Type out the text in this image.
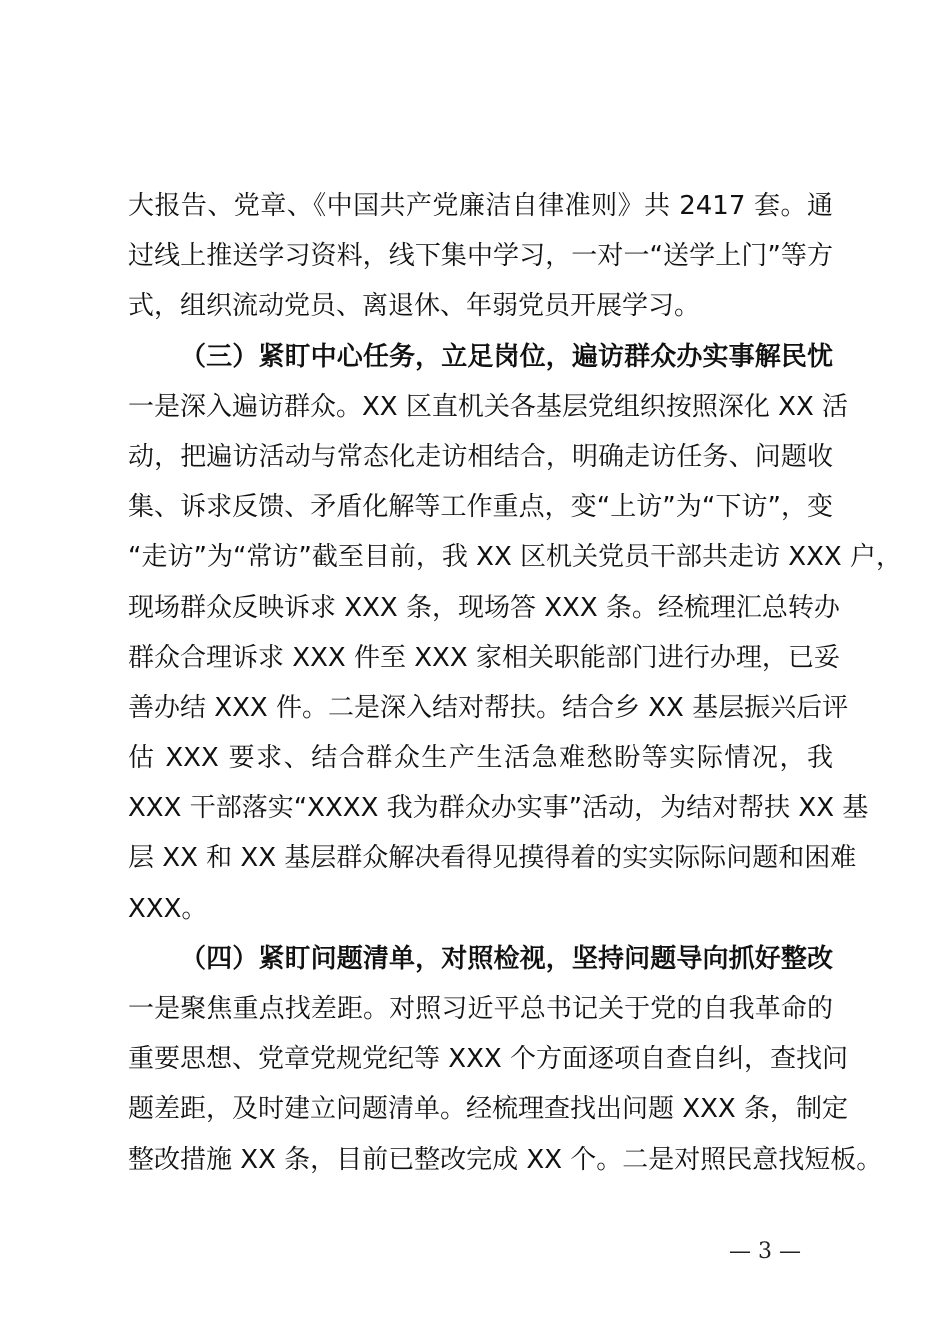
大报告、党章、《中国共产党廉洁自律准则》共 2417 套。通
过线上推送学习资料，线下集中学习，一对一“送学上门”等方
式，组织流动党员、离退休、年弱党员开展学习。
（三）紧盯中心任务，立足岗位，遍访群众办实事解民忧
一是深入遍访群众。XX 区直机关各基层党组织按照深化 XX 活
动，把遍访活动与常态化走访相结合，明确走访任务、问题收
集、诉求反馈、矛盾化解等工作重点，变“上访”为“下访”，变
“走访”为“常访”截至目前，我 XX 区机关党员干部共走访 XXX 户，
现场群众反映诉求 XXX 条，现场答 XXX 条。经梳理汇总转办
群众合理诉求 XXX 件至 XXX 家相关职能部门进行办理，已妥
善办结 XXX 件。二是深入结对帮扶。结合乡 XX 基层振兴后评
估 XXX 要求、结合群众生产生活急难愁盼等实际情况，我
XXX 干部落实“XXXX 我为群众办实事”活动，为结对帮扶 XX 基
层 XX 和 XX 基层群众解决看得见摸得着的实实际际问题和困难
XXX。
（四）紧盯问题清单，对照检视，坚持问题导向抓好整改
一是聚焦重点找差距。对照习近平总书记关于党的自我革命的
重要思想、党章党规党纪等 XXX 个方面逐项自查自纠，查找问
题差距，及时建立问题清单。经梳理查找出问题 XXX 条，制定
整改措施 XX 条，目前已整改完成 XX 个。二是对照民意找短板。
— 3 —
